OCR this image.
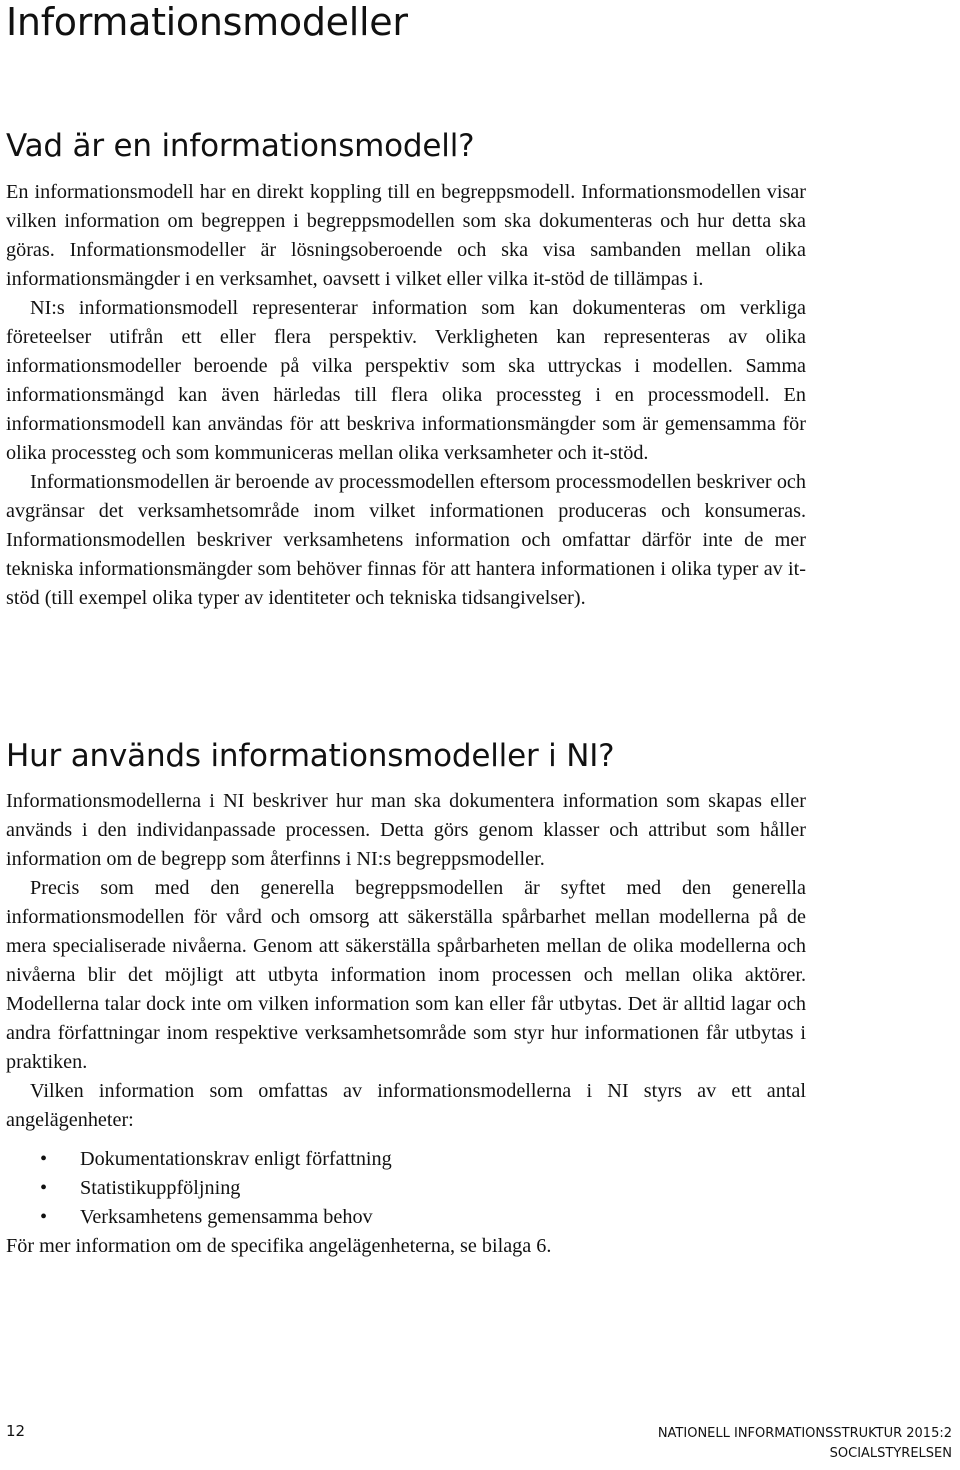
Informationsmodeller
Vad är en informationsmodell?

En informationsmodell har en direkt koppling till en begreppsmodell. Informationsmodellen visar vilken information om begreppen i begreppsmodellen som ska dokumenteras och hur detta ska göras. Informationsmodeller är lösningsoberoende och ska visa sambanden mellan olika informationsmängder i en verksamhet, oavsett i vilket eller vilka it-stöd de tillämpas i.

NI:s informationsmodell representerar information som kan dokumenteras om verkliga företeelser utifrån ett eller flera perspektiv. Verkligheten kan representeras av olika informationsmodeller beroende på vilka perspektiv som ska uttryckas i modellen. Samma informationsmängd kan även härledas till flera olika processteg i en processmodell. En informationsmodell kan användas för att beskriva informationsmängder som är gemensamma för olika processteg och som kommuniceras mellan olika verksamheter och it-stöd.

Informationsmodellen är beroende av processmodellen eftersom processmodellen beskriver och avgränsar det verksamhetsområde inom vilket informationen produceras och konsumeras. Informationsmodellen beskriver verksamhetens information och omfattar därför inte de mer tekniska informationsmängder som behöver finnas för att hantera informationen i olika typer av it-stöd (till exempel olika typer av identiteter och tekniska tidsangivelser).

Hur används informationsmodeller i NI?

Informationsmodellerna i NI beskriver hur man ska dokumentera information som skapas eller används i den individanpassade processen. Detta görs genom klasser och attribut som håller information om de begrepp som återfinns i NI:s begreppsmodeller.

Precis som med den generella begreppsmodellen är syftet med den generella informationsmodellen för vård och omsorg att säkerställa spårbarhet mellan modellerna på de mera specialiserade nivåerna. Genom att säkerställa spårbarheten mellan de olika modellerna och nivåerna blir det möjligt att utbyta information inom processen och mellan olika aktörer. Modellerna talar dock inte om vilken information som kan eller får utbytas. Det är alltid lagar och andra författningar inom respektive verksamhetsområde som styr hur informationen får utbytas i praktiken.

Vilken information som omfattas av informationsmodellerna i NI styrs av ett antal angelägenheter:

• Dokumentationskrav enligt författning
• Statistikuppföljning
• Verksamhetens gemensamma behov

För mer information om de specifika angelägenheterna, se bilaga 6.

12	NATIONELL INFORMATIONSSTRUKTUR 2015:2
SOCIALSTYRELSEN
